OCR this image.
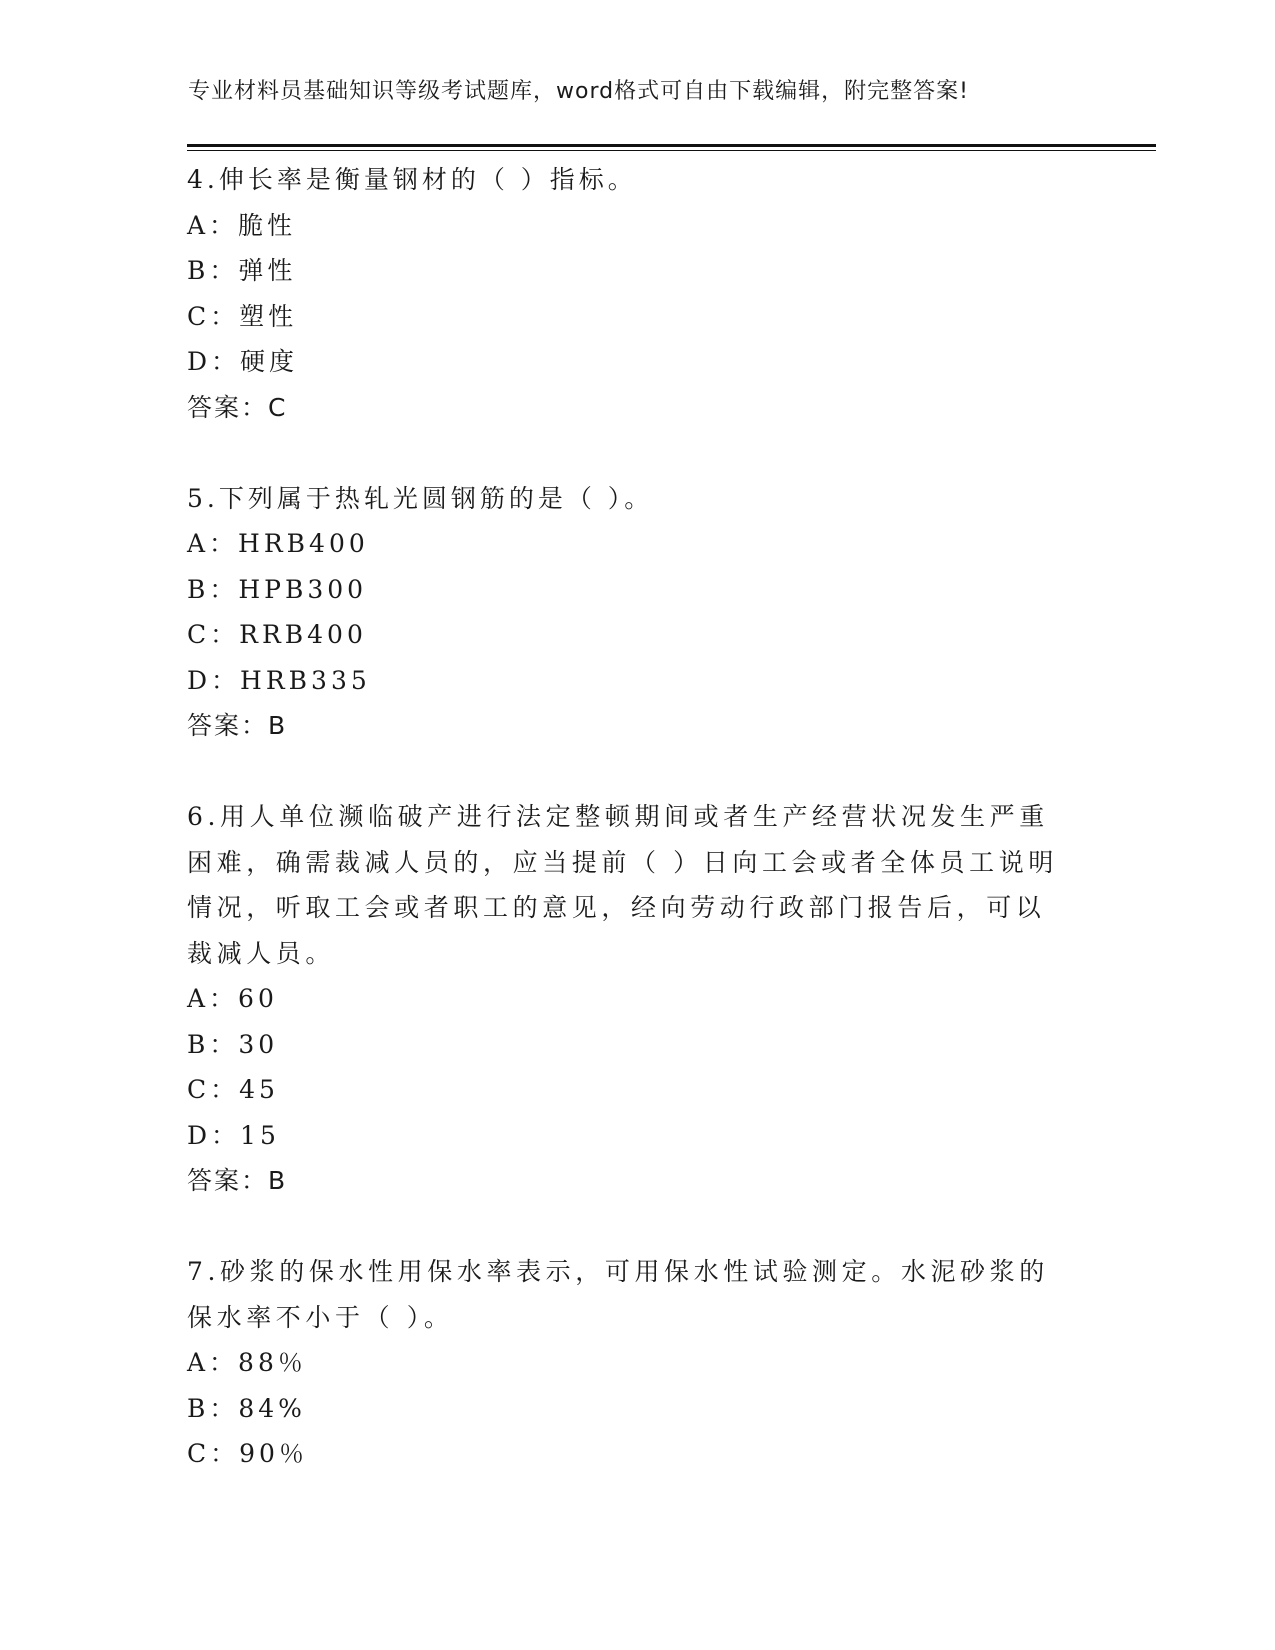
专业材料员基础知识等级考试题库，word格式可自由下载编辑，附完整答案!
4.伸长率是衡量钢材的（ ）指标。
A：脆性
B：弹性
C：塑性
D：硬度
答案：C
5.下列属于热轧光圆钢筋的是（ ）。
A：HRB400
B：HPB300
C：RRB400
D：HRB335
答案：B
6.用人单位濒临破产进行法定整顿期间或者生产经营状况发生严重困难，确需裁减人员的，应当提前（ ）日向工会或者全体员工说明情况，听取工会或者职工的意见，经向劳动行政部门报告后，可以裁减人员。
A：60
B：30
C：45
D：15
答案：B
7.砂浆的保水性用保水率表示，可用保水性试验测定。水泥砂浆的保水率不小于（ ）。
A：88％
B：84%
C：90％
